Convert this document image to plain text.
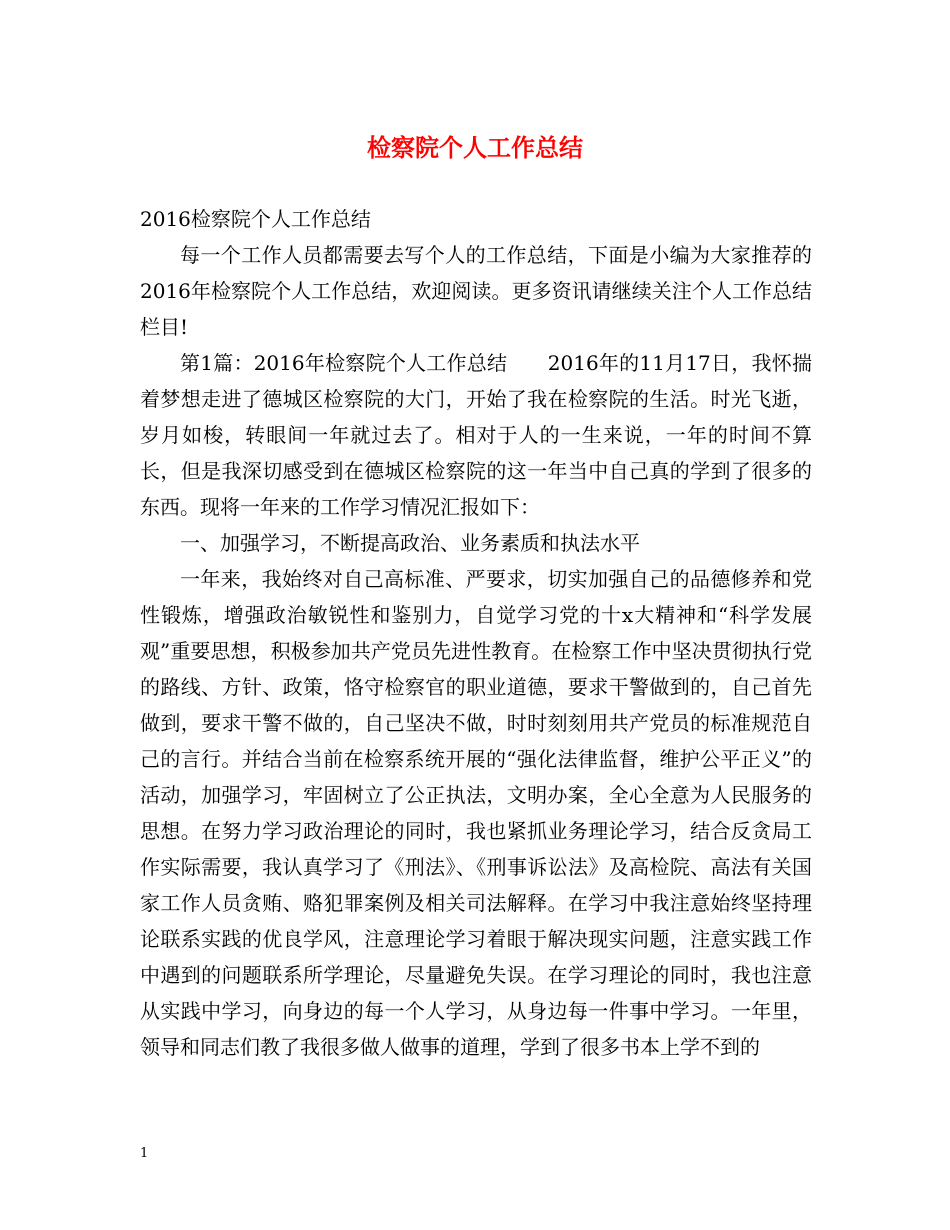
检察院个人工作总结

2016检察院个人工作总结

每一个工作人员都需要去写个人的工作总结，下面是小编为大家推荐的2016年检察院个人工作总结，欢迎阅读。更多资讯请继续关注个人工作总结栏目!

第1篇：2016年检察院个人工作总结　　2016年的11月17日，我怀揣着梦想走进了德城区检察院的大门，开始了我在检察院的生活。时光飞逝，岁月如梭，转眼间一年就过去了。相对于人的一生来说，一年的时间不算长，但是我深切感受到在德城区检察院的这一年当中自己真的学到了很多的东西。现将一年来的工作学习情况汇报如下：

一、加强学习，不断提高政治、业务素质和执法水平

一年来，我始终对自己高标准、严要求，切实加强自己的品德修养和党性锻炼，增强政治敏锐性和鉴别力，自觉学习党的十x大精神和“科学发展观”重要思想，积极参加共产党员先进性教育。在检察工作中坚决贯彻执行党的路线、方针、政策，恪守检察官的职业道德，要求干警做到的，自己首先做到，要求干警不做的，自己坚决不做，时时刻刻用共产党员的标准规范自己的言行。并结合当前在检察系统开展的“强化法律监督，维护公平正义”的活动，加强学习，牢固树立了公正执法，文明办案，全心全意为人民服务的思想。在努力学习政治理论的同时，我也紧抓业务理论学习，结合反贪局工作实际需要，我认真学习了《刑法》、《刑事诉讼法》及高检院、高法有关国家工作人员贪贿、赂犯罪案例及相关司法解释。在学习中我注意始终坚持理论联系实践的优良学风，注意理论学习着眼于解决现实问题，注意实践工作中遇到的问题联系所学理论，尽量避免失误。在学习理论的同时，我也注意从实践中学习，向身边的每一个人学习，从身边每一件事中学习。一年里，领导和同志们教了我很多做人做事的道理，学到了很多书本上学不到的

1
